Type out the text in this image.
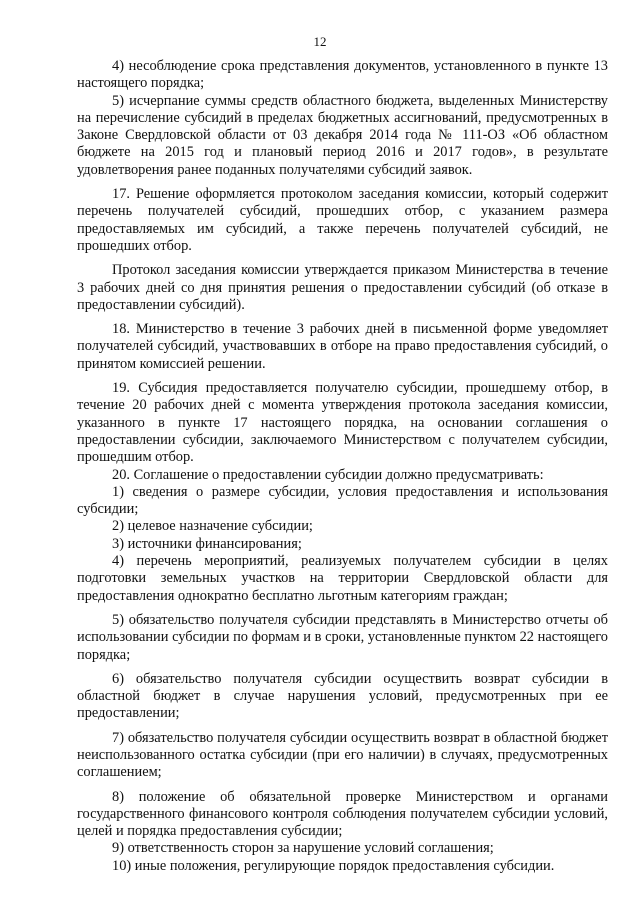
12

4) несоблюдение срока представления документов, установленного в пункте 13 настоящего порядка;

5) исчерпание суммы средств областного бюджета, выделенных Министерству на перечисление субсидий в пределах бюджетных ассигнований, предусмотренных в Законе Свердловской области от 03 декабря 2014 года № 111-ОЗ «Об областном бюджете на 2015 год и плановый период 2016 и 2017 годов», в результате удовлетворения ранее поданных получателями субсидий заявок.

17. Решение оформляется протоколом заседания комиссии, который содержит перечень получателей субсидий, прошедших отбор, с указанием размера предоставляемых им субсидий, а также перечень получателей субсидий, не прошедших отбор.

Протокол заседания комиссии утверждается приказом Министерства в течение 3 рабочих дней со дня принятия решения о предоставлении субсидий (об отказе в предоставлении субсидий).

18. Министерство в течение 3 рабочих дней в письменной форме уведомляет получателей субсидий, участвовавших в отборе на право предоставления субсидий, о принятом комиссией решении.

19. Субсидия предоставляется получателю субсидии, прошедшему отбор, в течение 20 рабочих дней с момента утверждения протокола заседания комиссии, указанного в пункте 17 настоящего порядка, на основании соглашения о предоставлении субсидии, заключаемого Министерством с получателем субсидии, прошедшим отбор.

20. Соглашение о предоставлении субсидии должно предусматривать:

1) сведения о размере субсидии, условия предоставления и использования субсидии;

2) целевое назначение субсидии;

3) источники финансирования;

4) перечень мероприятий, реализуемых получателем субсидии в целях подготовки земельных участков на территории Свердловской области для предоставления однократно бесплатно льготным категориям граждан;

5) обязательство получателя субсидии представлять в Министерство отчеты об использовании субсидии по формам и в сроки, установленные пунктом 22 настоящего порядка;

6) обязательство получателя субсидии осуществить возврат субсидии в областной бюджет в случае нарушения условий, предусмотренных при ее предоставлении;

7) обязательство получателя субсидии осуществить возврат в областной бюджет неиспользованного остатка субсидии (при его наличии) в случаях, предусмотренных соглашением;

8) положение об обязательной проверке Министерством и органами государственного финансового контроля соблюдения получателем субсидии условий, целей и порядка предоставления субсидии;

9) ответственность сторон за нарушение условий соглашения;

10) иные положения, регулирующие порядок предоставления субсидии.
